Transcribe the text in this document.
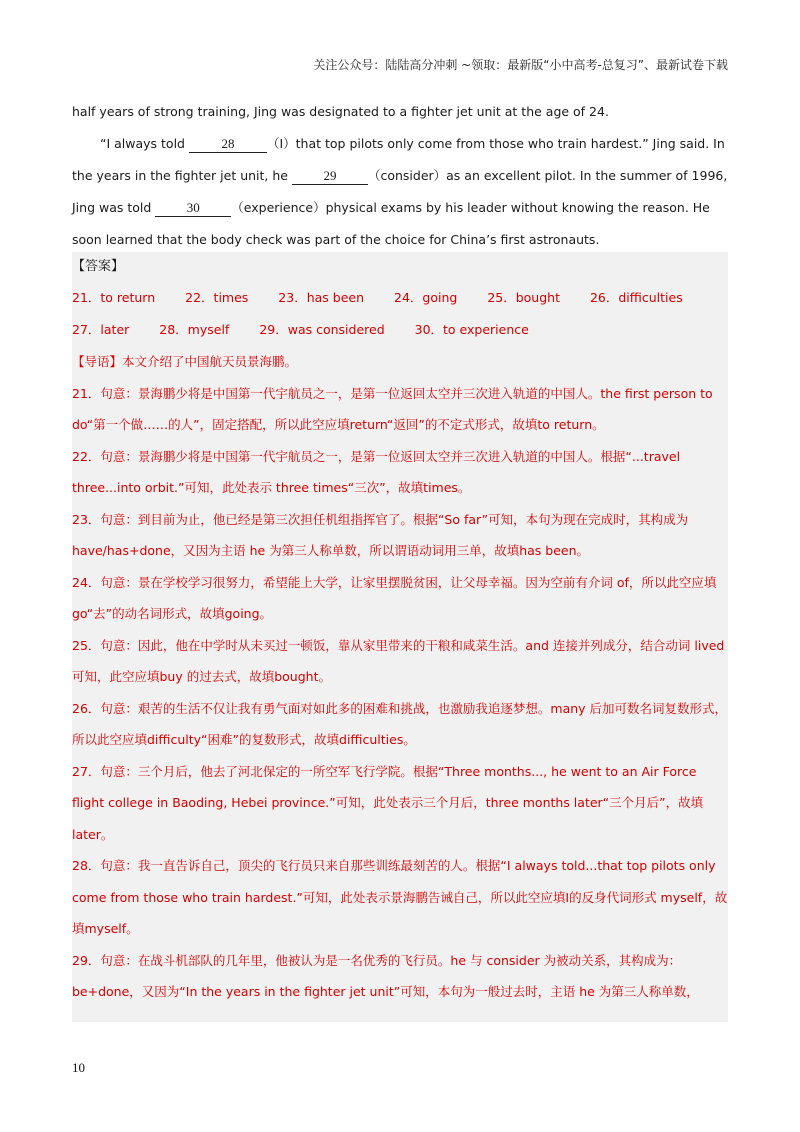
关注公众号：陆陆高分冲刺 ~领取：最新版“小中高考-总复习”、最新试卷下载

half years of strong training, Jing was designated to a fighter jet unit at the age of 24.

“I always told	28	（I）that top pilots only come from those who train hardest.” Jing said. In the years in the fighter jet unit, he 29	（consider）as an excellent pilot. In the summer of 1996, Jing was told 30	（experience）physical exams by his leader without knowing the reason. He soon learned that the body check was part of the choice for China’s first astronauts.

【答案】

21．to return 22．times 23．has been 24．going 25．bought 26．difficulties 27．later 28．myself 29．was considered 30．to experience

【导语】本文介绍了中国航天员景海鹏。

21．句意：景海鹏少将是中国第一代宇航员之一，是第一位返回太空并三次进入轨道的中国人。the first person to do“第一个做……的人”，固定搭配，所以此空应填return“返回”的不定式形式，故填to return。

22．句意：景海鹏少将是中国第一代宇航员之一，是第一位返回太空并三次进入轨道的中国人。根据“...travel three...into orbit.”可知，此处表示 three times“三次”，故填times。

23．句意：到目前为止，他已经是第三次担任机组指挥官了。根据“So far”可知，本句为现在完成时，其构成为 have/has+done，又因为主语 he 为第三人称单数，所以谓语动词用三单，故填has been。

24．句意：景在学校学习很努力，希望能上大学，让家里摆脱贫困，让父母幸福。因为空前有介词 of，所以此空应填go“去”的动名词形式，故填going。

25．句意：因此，他在中学时从未买过一顿饭，靠从家里带来的干粮和咸菜生活。and 连接并列成分，结合动词 lived 可知，此空应填buy 的过去式，故填bought。

26．句意：艰苦的生活不仅让我有勇气面对如此多的困难和挑战，也激励我追逐梦想。many 后加可数名词复数形式，所以此空应填difficulty“困难”的复数形式，故填difficulties。

27．句意：三个月后，他去了河北保定的一所空军飞行学院。根据“Three months..., he went to an Air Force flight college in Baoding, Hebei province.”可知，此处表示三个月后，three months later“三个月后”，故填later。

28．句意：我一直告诉自己，顶尖的飞行员只来自那些训练最刻苦的人。根据“I always told...that top pilots only come from those who train hardest.”可知，此处表示景海鹏告诫自己，所以此空应填I的反身代词形式 myself，故填myself。

29．句意：在战斗机部队的几年里，他被认为是一名优秀的飞行员。he 与 consider 为被动关系，其构成为：be+done，又因为“In the years in the fighter jet unit”可知，本句为一般过去时，主语 he 为第三人称单数，

10
